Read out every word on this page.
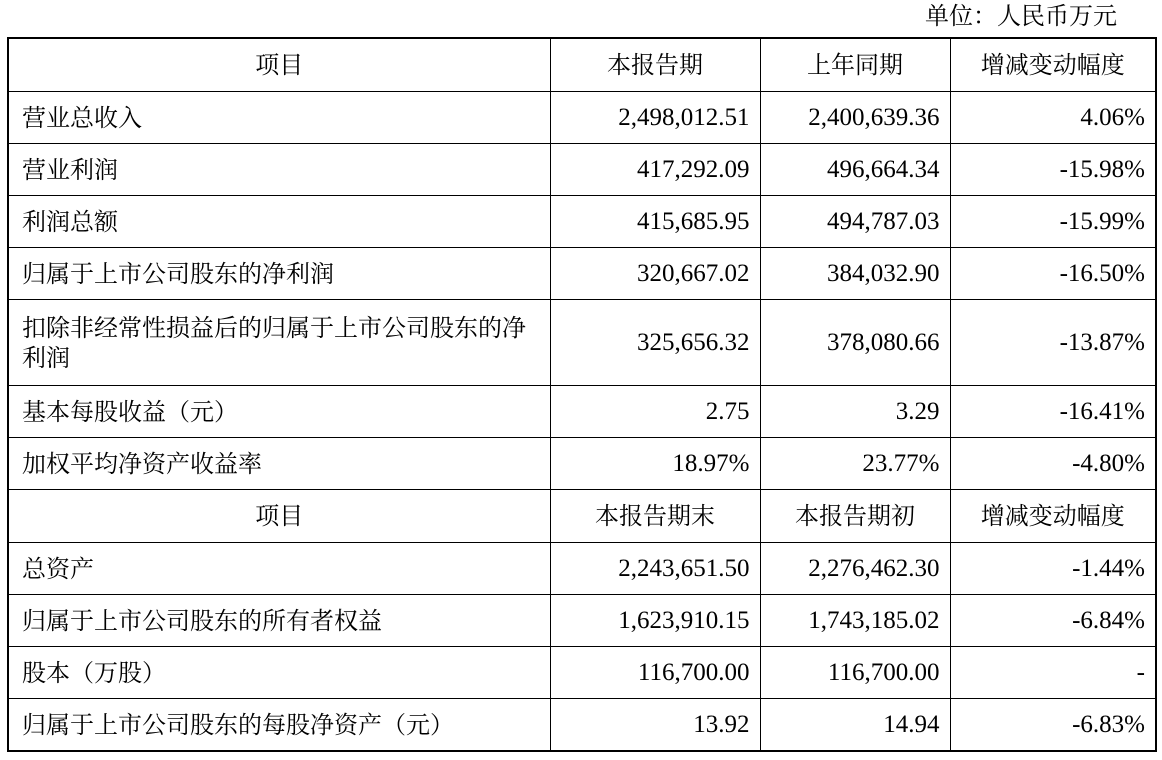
单位：人民币万元
项目	本报告期	上年同期	增减变动幅度
营业总收入	2,498,012.51	2,400,639.36	4.06%
营业利润	417,292.09	496,664.34	-15.98%
利润总额	415,685.95	494,787.03	-15.99%
归属于上市公司股东的净利润	320,667.02	384,032.90	-16.50%
扣除非经常性损益后的归属于上市公司股东的净利润	325,656.32	378,080.66	-13.87%
基本每股收益（元）	2.75	3.29	-16.41%
加权平均净资产收益率	18.97%	23.77%	-4.80%
项目	本报告期末	本报告期初	增减变动幅度
总资产	2,243,651.50	2,276,462.30	-1.44%
归属于上市公司股东的所有者权益	1,623,910.15	1,743,185.02	-6.84%
股本（万股）	116,700.00	116,700.00	-
归属于上市公司股东的每股净资产（元）	13.92	14.94	-6.83%
